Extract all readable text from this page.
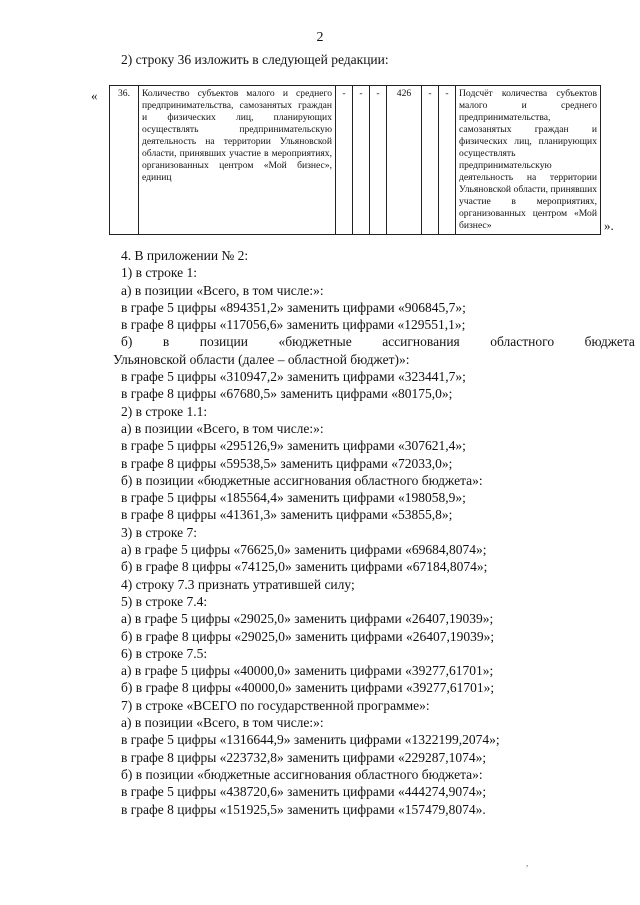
2
2) строку 36 изложить в следующей редакции:
« 36.	Количество субъектов малого и среднего предпринимательства, самозанятых граждан и физических лиц, планирующих осуществлять предпринимательскую деятельность на территории Ульяновской области, принявших участие в мероприятиях, организованных центром «Мой бизнес», единиц	-	-	-	426	-	-	Подсчёт количества субъектов малого и среднего предпринимательства, самозанятых граждан и физических лиц, планирующих осуществлять предпринимательскую деятельность на территории Ульяновской области, принявших участие в мероприятиях, организованных центром «Мой бизнес»	».
4. В приложении № 2:
1) в строке 1:
а) в позиции «Всего, в том числе:»:
в графе 5 цифры «894351,2» заменить цифрами «906845,7»;
в графе 8 цифры «117056,6» заменить цифрами «129551,1»;
б) в позиции «бюджетные ассигнования областного бюджета
Ульяновской области (далее – областной бюджет)»:
в графе 5 цифры «310947,2» заменить цифрами «323441,7»;
в графе 8 цифры «67680,5» заменить цифрами «80175,0»;
2) в строке 1.1:
а) в позиции «Всего, в том числе:»:
в графе 5 цифры «295126,9» заменить цифрами «307621,4»;
в графе 8 цифры «59538,5» заменить цифрами «72033,0»;
б) в позиции «бюджетные ассигнования областного бюджета»:
в графе 5 цифры «185564,4» заменить цифрами «198058,9»;
в графе 8 цифры «41361,3» заменить цифрами «53855,8»;
3) в строке 7:
а) в графе 5 цифры «76625,0» заменить цифрами «69684,8074»;
б) в графе 8 цифры «74125,0» заменить цифрами «67184,8074»;
4) строку 7.3 признать утратившей силу;
5) в строке 7.4:
а) в графе 5 цифры «29025,0» заменить цифрами «26407,19039»;
б) в графе 8 цифры «29025,0» заменить цифрами «26407,19039»;
6) в строке 7.5:
а) в графе 5 цифры «40000,0» заменить цифрами «39277,61701»;
б) в графе 8 цифры «40000,0» заменить цифрами «39277,61701»;
7) в строке «ВСЕГО по государственной программе»:
а) в позиции «Всего, в том числе:»:
в графе 5 цифры «1316644,9» заменить цифрами «1322199,2074»;
в графе 8 цифры «223732,8» заменить цифрами «229287,1074»;
б) в позиции «бюджетные ассигнования областного бюджета»:
в графе 5 цифры «438720,6» заменить цифрами «444274,9074»;
в графе 8 цифры «151925,5» заменить цифрами «157479,8074».
,
